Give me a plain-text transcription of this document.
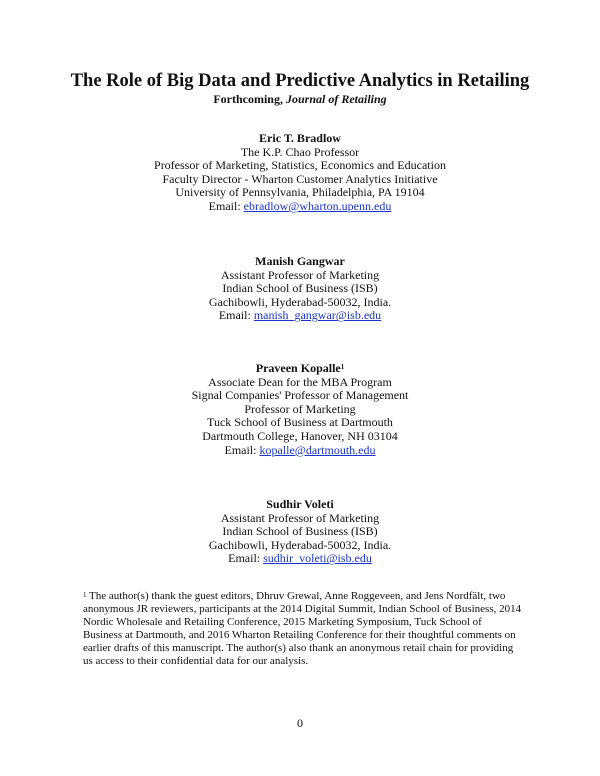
The Role of Big Data and Predictive Analytics in Retailing

Forthcoming, Journal of Retailing

Eric T. Bradlow
The K.P. Chao Professor
Professor of Marketing, Statistics, Economics and Education
Faculty Director - Wharton Customer Analytics Initiative
University of Pennsylvania, Philadelphia, PA 19104
Email: ebradlow@wharton.upenn.edu
Manish Gangwar
Assistant Professor of Marketing
Indian School of Business (ISB)
Gachibowli, Hyderabad-50032, India.
Email: manish_gangwar@isb.edu
Praveen Kopalle$^1$
Associate Dean for the MBA Program
Signal Companies' Professor of Management
Professor of Marketing
Tuck School of Business at Dartmouth
Dartmouth College, Hanover, NH 03104
Email: kopalle@dartmouth.edu
Sudhir Voleti
Assistant Professor of Marketing
Indian School of Business (ISB)
Gachibowli, Hyderabad-50032, India.
Email: sudhir_voleti@isb.edu
$^1$ The author(s) thank the guest editors, Dhruv Grewal, Anne Roggeveen, and Jens Nordfält, two anonymous JR reviewers, participants at the 2014 Digital Summit, Indian School of Business, 2014 Nordic Wholesale and Retailing Conference, 2015 Marketing Symposium, Tuck School of Business at Dartmouth, and 2016 Wharton Retailing Conference for their thoughtful comments on earlier drafts of this manuscript. The author(s) also thank an anonymous retail chain for providing us access to their confidential data for our analysis.
0
